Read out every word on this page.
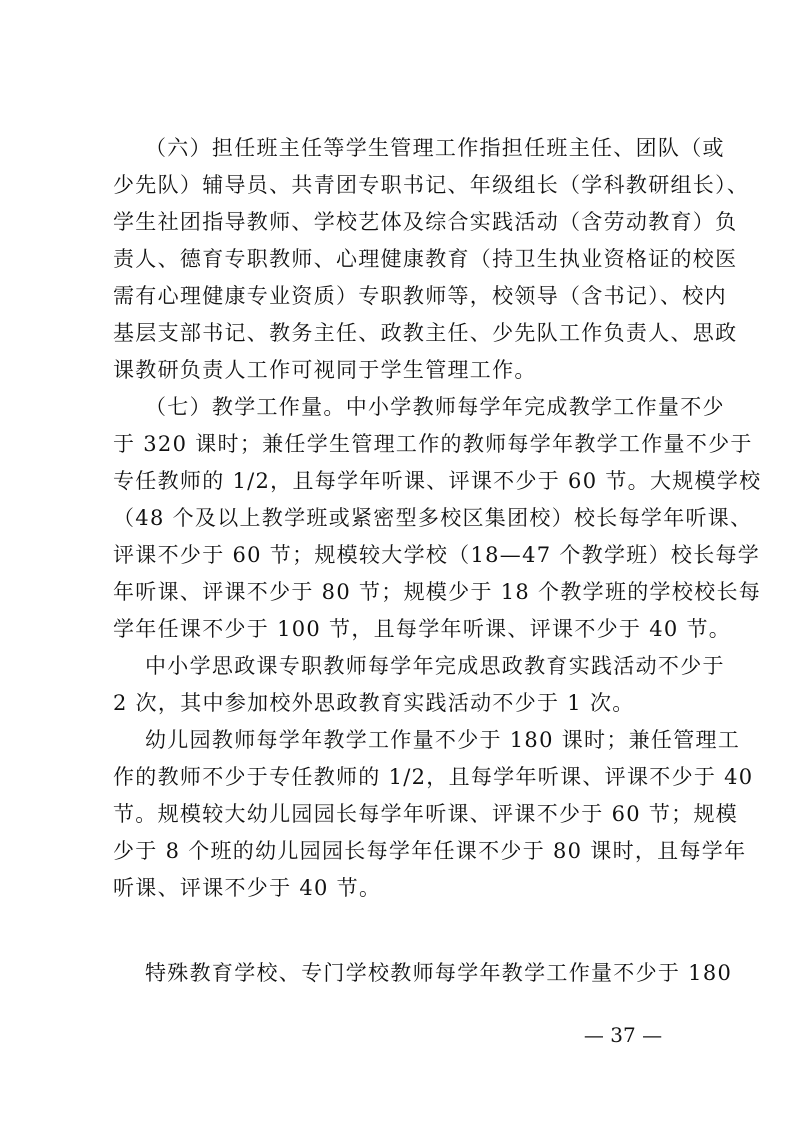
（六）担任班主任等学生管理工作指担任班主任、团队（或
少先队）辅导员、共青团专职书记、年级组长（学科教研组长）、
学生社团指导教师、学校艺体及综合实践活动（含劳动教育）负
责人、德育专职教师、心理健康教育（持卫生执业资格证的校医
需有心理健康专业资质）专职教师等，校领导（含书记）、校内
基层支部书记、教务主任、政教主任、少先队工作负责人、思政
课教研负责人工作可视同于学生管理工作。
（七）教学工作量。中小学教师每学年完成教学工作量不少
于 320 课时；兼任学生管理工作的教师每学年教学工作量不少于
专任教师的 1/2，且每学年听课、评课不少于 60 节。大规模学校
（48 个及以上教学班或紧密型多校区集团校）校长每学年听课、
评课不少于 60 节；规模较大学校（18—47 个教学班）校长每学
年听课、评课不少于 80 节；规模少于 18 个教学班的学校校长每
学年任课不少于 100 节，且每学年听课、评课不少于 40 节。
中小学思政课专职教师每学年完成思政教育实践活动不少于
2 次，其中参加校外思政教育实践活动不少于 1 次。
幼儿园教师每学年教学工作量不少于 180 课时；兼任管理工
作的教师不少于专任教师的 1/2，且每学年听课、评课不少于 40
节。规模较大幼儿园园长每学年听课、评课不少于 60 节；规模
少于 8 个班的幼儿园园长每学年任课不少于 80 课时，且每学年
听课、评课不少于 40 节。
特殊教育学校、专门学校教师每学年教学工作量不少于 180
— 37 —
